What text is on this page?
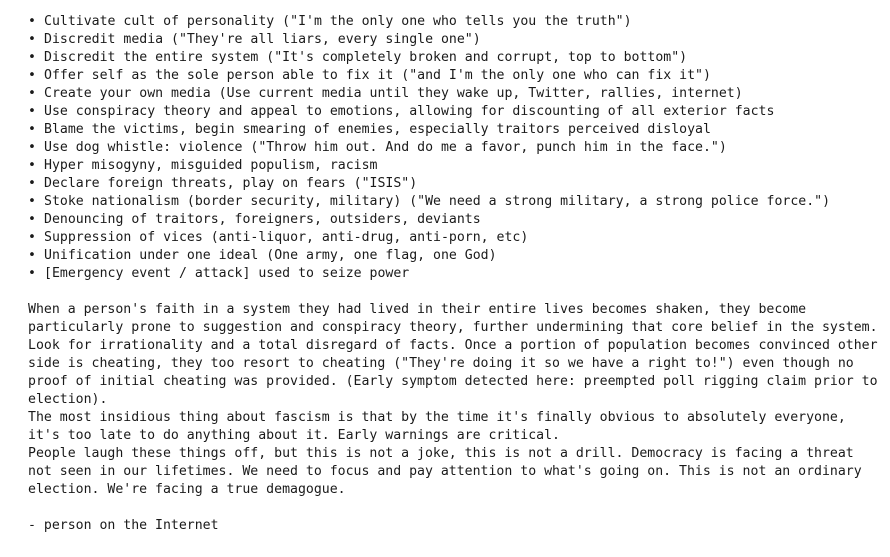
• Cultivate cult of personality ("I'm the only one who tells you the truth")
• Discredit media ("They're all liars, every single one")
• Discredit the entire system ("It's completely broken and corrupt, top to bottom")
• Offer self as the sole person able to fix it ("and I'm the only one who can fix it")
• Create your own media (Use current media until they wake up, Twitter, rallies, internet)
• Use conspiracy theory and appeal to emotions, allowing for discounting of all exterior facts
• Blame the victims, begin smearing of enemies, especially traitors perceived disloyal
• Use dog whistle: violence ("Throw him out. And do me a favor, punch him in the face.")
• Hyper misogyny, misguided populism, racism
• Declare foreign threats, play on fears ("ISIS")
• Stoke nationalism (border security, military) ("We need a strong military, a strong police force.")
• Denouncing of traitors, foreigners, outsiders, deviants
• Suppression of vices (anti-liquor, anti-drug, anti-porn, etc)
• Unification under one ideal (One army, one flag, one God)
• [Emergency event / attack] used to seize power

When a person's faith in a system they had lived in their entire lives becomes shaken, they become particularly prone to suggestion and conspiracy theory, further undermining that core belief in the system. Look for irrationality and a total disregard of facts. Once a portion of population becomes convinced other side is cheating, they too resort to cheating ("They're doing it so we have a right to!") even though no proof of initial cheating was provided. (Early symptom detected here: preempted poll rigging claim prior to election).

The most insidious thing about fascism is that by the time it's finally obvious to absolutely everyone, it's too late to do anything about it. Early warnings are critical.

People laugh these things off, but this is not a joke, this is not a drill. Democracy is facing a threat not seen in our lifetimes. We need to focus and pay attention to what's going on. This is not an ordinary election. We're facing a true demagogue.

- person on the Internet
